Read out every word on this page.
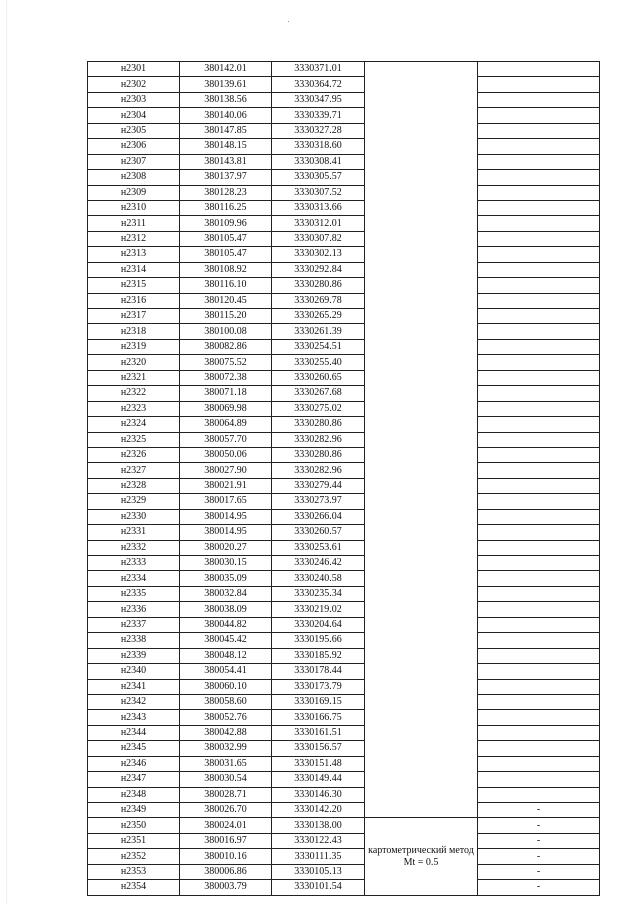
н2301	380142.01	3330371.01		
н2302	380139.61	3330364.72		
н2303	380138.56	3330347.95		
н2304	380140.06	3330339.71		
н2305	380147.85	3330327.28		
н2306	380148.15	3330318.60		
н2307	380143.81	3330308.41		
н2308	380137.97	3330305.57		
н2309	380128.23	3330307.52		
н2310	380116.25	3330313.66		
н2311	380109.96	3330312.01		
н2312	380105.47	3330307.82		
н2313	380105.47	3330302.13		
н2314	380108.92	3330292.84		
н2315	380116.10	3330280.86		
н2316	380120.45	3330269.78		
н2317	380115.20	3330265.29		
н2318	380100.08	3330261.39		
н2319	380082.86	3330254.51		
н2320	380075.52	3330255.40		
н2321	380072.38	3330260.65		
н2322	380071.18	3330267.68		
н2323	380069.98	3330275.02		
н2324	380064.89	3330280.86		
н2325	380057.70	3330282.96		
н2326	380050.06	3330280.86		
н2327	380027.90	3330282.96		
н2328	380021.91	3330279.44		
н2329	380017.65	3330273.97		
н2330	380014.95	3330266.04		
н2331	380014.95	3330260.57		
н2332	380020.27	3330253.61		
н2333	380030.15	3330246.42		
н2334	380035.09	3330240.58		
н2335	380032.84	3330235.34		
н2336	380038.09	3330219.02		
н2337	380044.82	3330204.64		
н2338	380045.42	3330195.66		
н2339	380048.12	3330185.92		
н2340	380054.41	3330178.44		
н2341	380060.10	3330173.79		
н2342	380058.60	3330169.15		
н2343	380052.76	3330166.75		
н2344	380042.88	3330161.51		
н2345	380032.99	3330156.57		
н2346	380031.65	3330151.48		
н2347	380030.54	3330149.44		
н2348	380028.71	3330146.30		
н2349	380026.70	3330142.20		-
н2350	380024.01	3330138.00	картометрический метод Mt = 0.5	-
н2351	380016.97	3330122.43		-
н2352	380010.16	3330111.35		-
н2353	380006.86	3330105.13		-
н2354	380003.79	3330101.54		-
